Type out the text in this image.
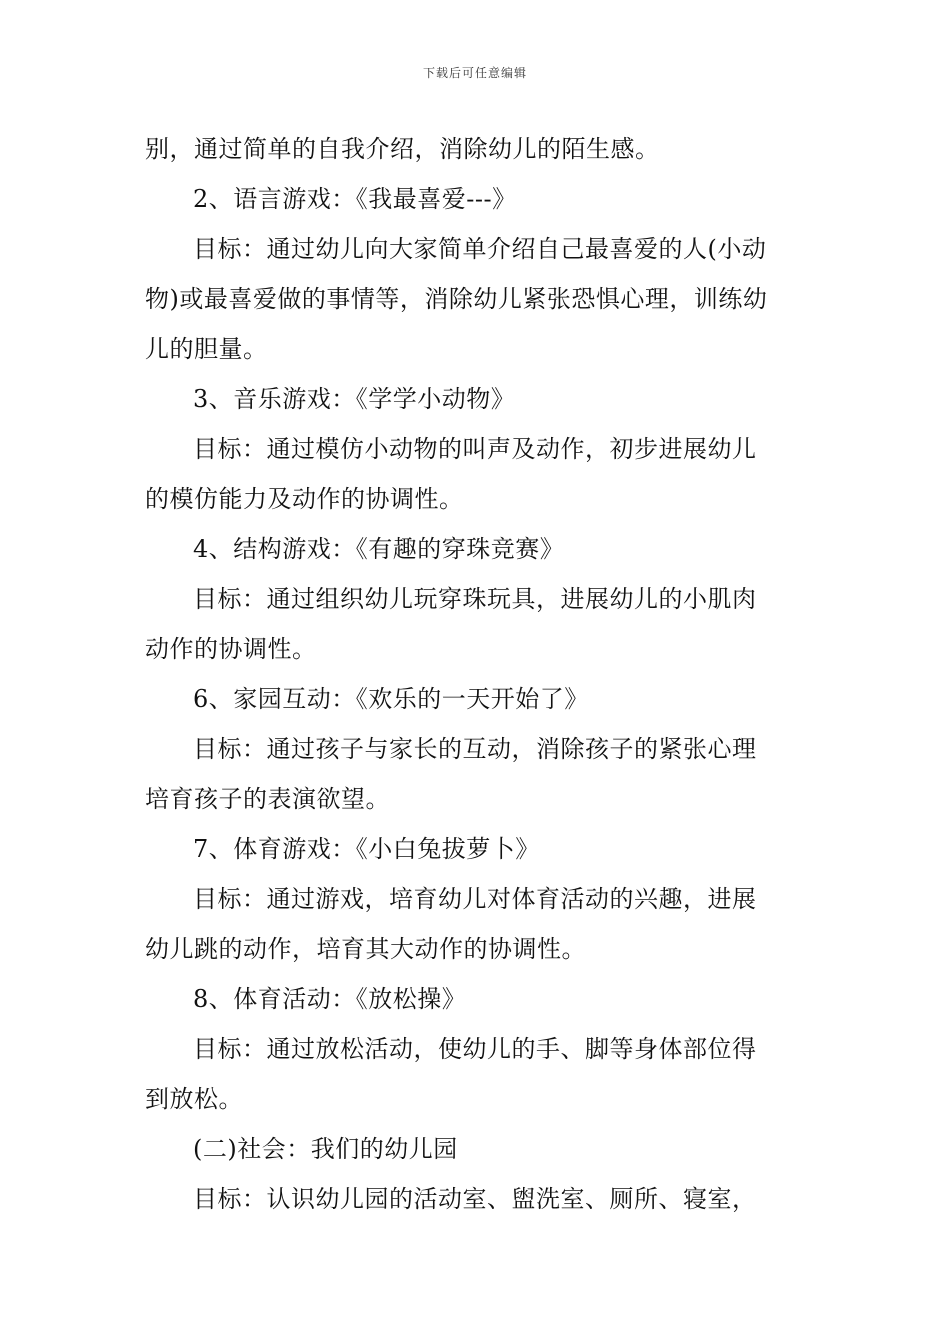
下载后可任意编辑
别，通过简单的自我介绍，消除幼儿的陌生感。
2、语言游戏：《我最喜爱---》
目标：通过幼儿向大家简单介绍自己最喜爱的人(小动
物)或最喜爱做的事情等，消除幼儿紧张恐惧心理，训练幼
儿的胆量。
3、音乐游戏：《学学小动物》
目标：通过模仿小动物的叫声及动作，初步进展幼儿
的模仿能力及动作的协调性。
4、结构游戏：《有趣的穿珠竞赛》
目标：通过组织幼儿玩穿珠玩具，进展幼儿的小肌肉
动作的协调性。
6、家园互动：《欢乐的一天开始了》
目标：通过孩子与家长的互动，消除孩子的紧张心理
培育孩子的表演欲望。
7、体育游戏：《小白兔拔萝卜》
目标：通过游戏，培育幼儿对体育活动的兴趣，进展
幼儿跳的动作，培育其大动作的协调性。
8、体育活动：《放松操》
目标：通过放松活动，使幼儿的手、脚等身体部位得
到放松。
(二)社会：我们的幼儿园
目标：认识幼儿园的活动室、盥洗室、厕所、寝室，
